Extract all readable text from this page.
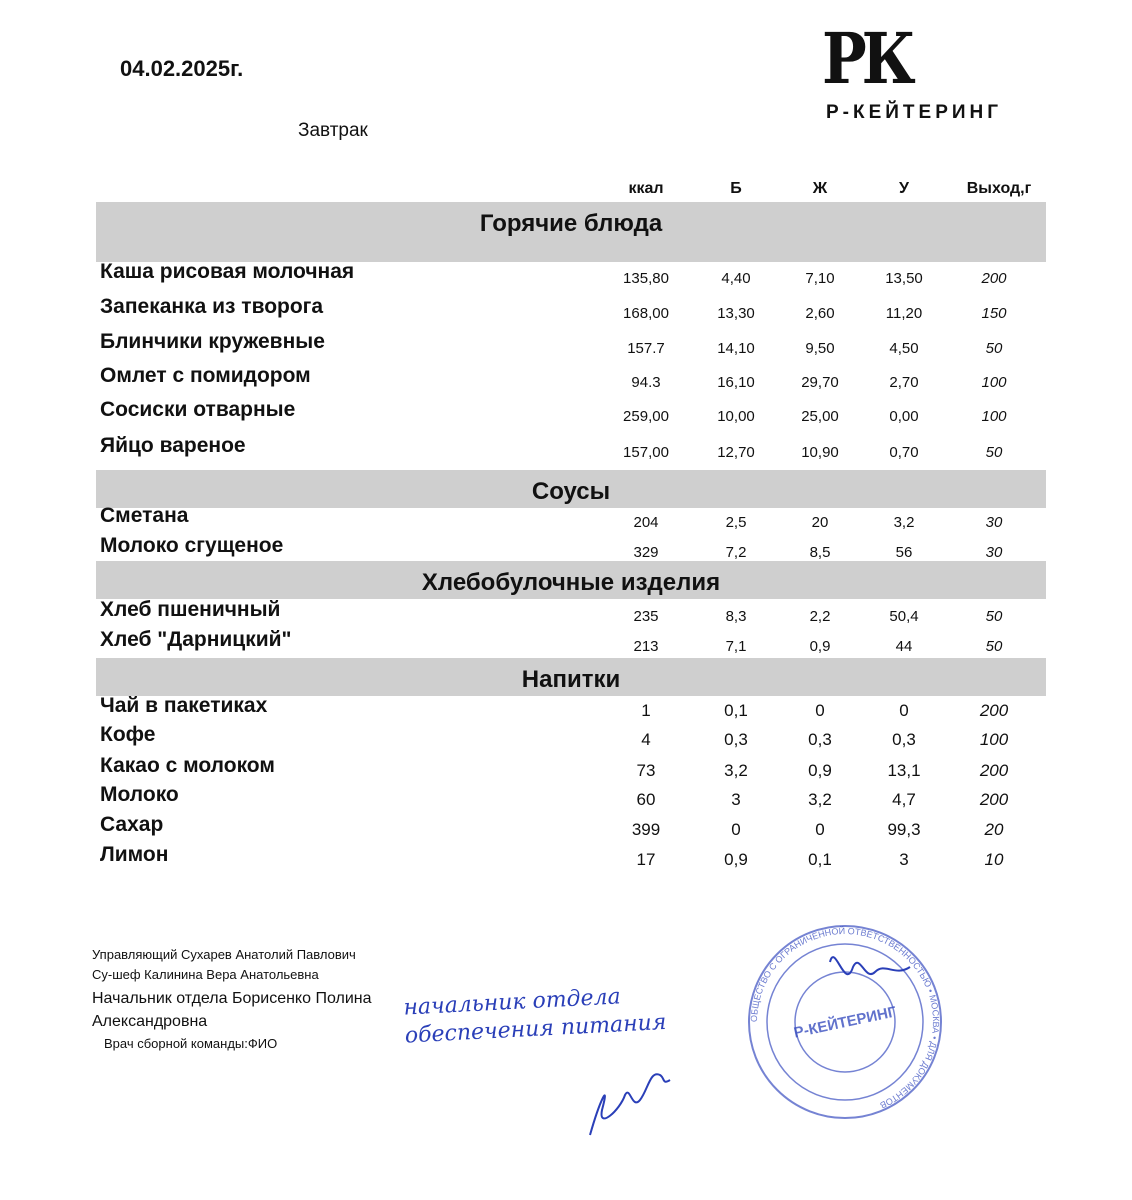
04.02.2025г.	РК
Р-КЕЙТЕРИНГ
Завтрак
ккал	Б	Ж	У	Выход,г
Горячие блюда
Каша рисовая молочная	135,80	4,40	7,10	13,50	200
Запеканка из творога	168,00	13,30	2,60	11,20	150
Блинчики кружевные	157.7	14,10	9,50	4,50	50
Омлет с помидором	94.3	16,10	29,70	2,70	100
Сосиски отварные	259,00	10,00	25,00	0,00	100
Яйцо вареное	157,00	12,70	10,90	0,70	50
Соусы
Сметана	204	2,5	20	3,2	30
Молоко сгущеное	329	7,2	8,5	56	30
Хлебобулочные изделия
Хлеб пшеничный	235	8,3	2,2	50,4	50
Хлеб "Дарницкий"	213	7,1	0,9	44	50
Напитки
Чай в пакетиках	1	0,1	0	0	200
Кофе	4	0,3	0,3	0,3	100
Какао с молоком	73	3,2	0,9	13,1	200
Молоко	60	3	3,2	4,7	200
Сахар	399	0	0	99,3	20
Лимон	17	0,9	0,1	3	10
Управляющий Сухарев Анатолий Павлович
Су-шеф Калинина Вера Анатольевна
Начальник отдела Борисенко Полина
Александровна
Врач сборной команды:ФИО
начальник отдела обеспечения питания	ОБЩЕСТВО С ОГРАНИЧЕННОЙ ОТВЕТСТВЕННОСТЬЮ • МОСКВА • ДЛЯ ДОКУМЕНТОВ
Р-КЕЙТЕРИНГ
